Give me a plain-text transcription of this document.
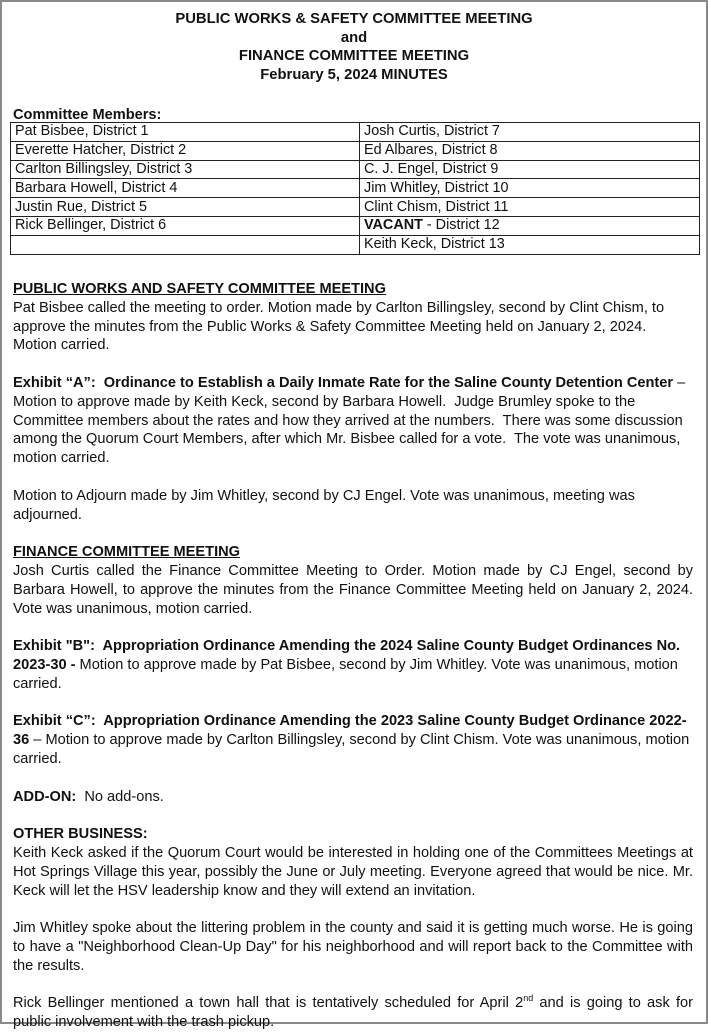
PUBLIC WORKS & SAFETY COMMITTEE MEETING
and
FINANCE COMMITTEE MEETING
February 5, 2024 MINUTES
Committee Members:
Pat Bisbee, District 1	Josh Curtis, District 7
Everette Hatcher, District 2	Ed Albares, District 8
Carlton Billingsley, District 3	C. J. Engel, District 9
Barbara Howell, District 4	Jim Whitley, District 10
Justin Rue, District 5	Clint Chism, District 11
Rick Bellinger, District 6	VACANT - District 12
	Keith Keck, District 13
PUBLIC WORKS AND SAFETY COMMITTEE MEETING

Pat Bisbee called the meeting to order. Motion made by Carlton Billingsley, second by Clint Chism, to approve the minutes from the Public Works & Safety Committee Meeting held on January 2, 2024. Motion carried.

Exhibit “A”:  Ordinance to Establish a Daily Inmate Rate for the Saline County Detention Center – Motion to approve made by Keith Keck, second by Barbara Howell.  Judge Brumley spoke to the Committee members about the rates and how they arrived at the numbers.  There was some discussion among the Quorum Court Members, after which Mr. Bisbee called for a vote.  The vote was unanimous, motion carried.

Motion to Adjourn made by Jim Whitley, second by CJ Engel. Vote was unanimous, meeting was adjourned.

FINANCE COMMITTEE MEETING

Josh Curtis called the Finance Committee Meeting to Order. Motion made by CJ Engel, second by Barbara Howell, to approve the minutes from the Finance Committee Meeting held on January 2, 2024. Vote was unanimous, motion carried.

Exhibit "B":  Appropriation Ordinance Amending the 2024 Saline County Budget Ordinances No. 2023-30 - Motion to approve made by Pat Bisbee, second by Jim Whitley. Vote was unanimous, motion carried.

Exhibit “C”:  Appropriation Ordinance Amending the 2023 Saline County Budget Ordinance 2022-36 – Motion to approve made by Carlton Billingsley, second by Clint Chism. Vote was unanimous, motion carried.

ADD-ON:  No add-ons.

OTHER BUSINESS:

Keith Keck asked if the Quorum Court would be interested in holding one of the Committees Meetings at Hot Springs Village this year, possibly the June or July meeting. Everyone agreed that would be nice. Mr. Keck will let the HSV leadership know and they will extend an invitation.

Jim Whitley spoke about the littering problem in the county and said it is getting much worse. He is going to have a "Neighborhood Clean-Up Day" for his neighborhood and will report back to the Committee with the results.

Rick Bellinger mentioned a town hall that is tentatively scheduled for April 2nd and is going to ask for public involvement with the trash pickup.
